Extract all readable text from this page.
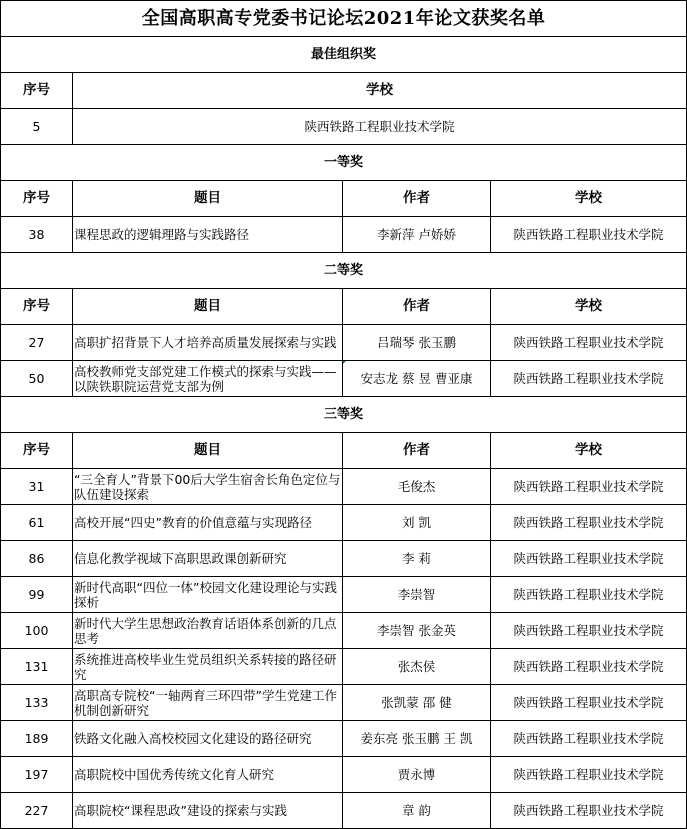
全国高职高专党委书记论坛2021年论文获奖名单			
最佳组织奖			
序号	学校		
5	陕西铁路工程职业技术学院		
一等奖			
序号	题目	作者	学校
38	课程思政的逻辑理路与实践路径	李新萍 卢娇娇	陕西铁路工程职业技术学院
二等奖			
序号	题目	作者	学校
27	高职扩招背景下人才培养高质量发展探索与实践	吕瑞琴 张玉鹏	陕西铁路工程职业技术学院
50	高校教师党支部党建工作模式的探索与实践——以陕铁职院运营党支部为例	安志龙 蔡 昱 曹亚康	陕西铁路工程职业技术学院
三等奖			
序号	题目	作者	学校
31	“三全育人”背景下00后大学生宿舍长角色定位与队伍建设探索	毛俊杰	陕西铁路工程职业技术学院
61	高校开展“四史”教育的价值意蕴与实现路径	刘 凯	陕西铁路工程职业技术学院
86	信息化教学视域下高职思政课创新研究	李 莉	陕西铁路工程职业技术学院
99	新时代高职“四位一体”校园文化建设理论与实践探析	李崇智	陕西铁路工程职业技术学院
100	新时代大学生思想政治教育话语体系创新的几点思考	李崇智 张金英	陕西铁路工程职业技术学院
131	系统推进高校毕业生党员组织关系转接的路径研究	张杰侯	陕西铁路工程职业技术学院
133	高职高专院校“一轴两育三环四带”学生党建工作机制创新研究	张凯蒙 邵 健	陕西铁路工程职业技术学院
189	铁路文化融入高校校园文化建设的路径研究	姜东亮 张玉鹏 王 凯	陕西铁路工程职业技术学院
197	高职院校中国优秀传统文化育人研究	贾永博	陕西铁路工程职业技术学院
227	高职院校“课程思政”建设的探索与实践	章 韵	陕西铁路工程职业技术学院
